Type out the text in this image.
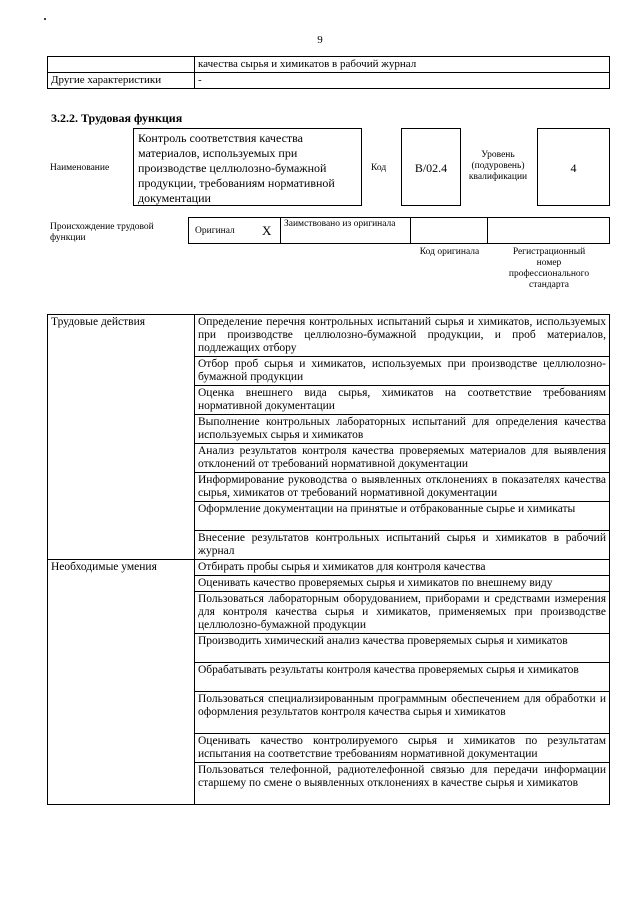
9
	качества сырья и химикатов в рабочий журнал
Другие характеристики	-
3.2.2. Трудовая функция
Наименование
Контроль соответствия качества материалов, используемых при производстве целлюлозно-бумажной продукции, требованиям нормативной документации
Код	B/02.4
Уровень (подуровень) квалификации
4
Происхождение трудовой функции
Оригинал X Заимствовано из оригинала
Код оригинала	Регистрационный номер профессионального стандарта
Трудовые действия	Определение перечня контрольных испытаний сырья и химикатов, используемых при производстве целлюлозно-бумажной продукции, и проб материалов, подлежащих отбору
	Отбор проб сырья и химикатов, используемых при производстве целлюлозно-бумажной продукции
	Оценка внешнего вида сырья, химикатов на соответствие требованиям нормативной документации
	Выполнение контрольных лабораторных испытаний для определения качества используемых сырья и химикатов
	Анализ результатов контроля качества проверяемых материалов для выявления отклонений от требований нормативной документации
	Информирование руководства о выявленных отклонениях в показателях качества сырья, химикатов от требований нормативной документации
	Оформление документации на принятые и отбракованные сырье и химикаты
	Внесение результатов контрольных испытаний сырья и химикатов в рабочий журнал
Необходимые умения	Отбирать пробы сырья и химикатов для контроля качества
	Оценивать качество проверяемых сырья и химикатов по внешнему виду
	Пользоваться лабораторным оборудованием, приборами и средствами измерения для контроля качества сырья и химикатов, применяемых при производстве целлюлозно-бумажной продукции
	Производить химический анализ качества проверяемых сырья и химикатов
	Обрабатывать результаты контроля качества проверяемых сырья и химикатов
	Пользоваться специализированным программным обеспечением для обработки и оформления результатов контроля качества сырья и химикатов
	Оценивать качество контролируемого сырья и химикатов по результатам испытания на соответствие требованиям нормативной документации
	Пользоваться телефонной, радиотелефонной связью для передачи информации старшему по смене о выявленных отклонениях в качестве сырья и химикатов
